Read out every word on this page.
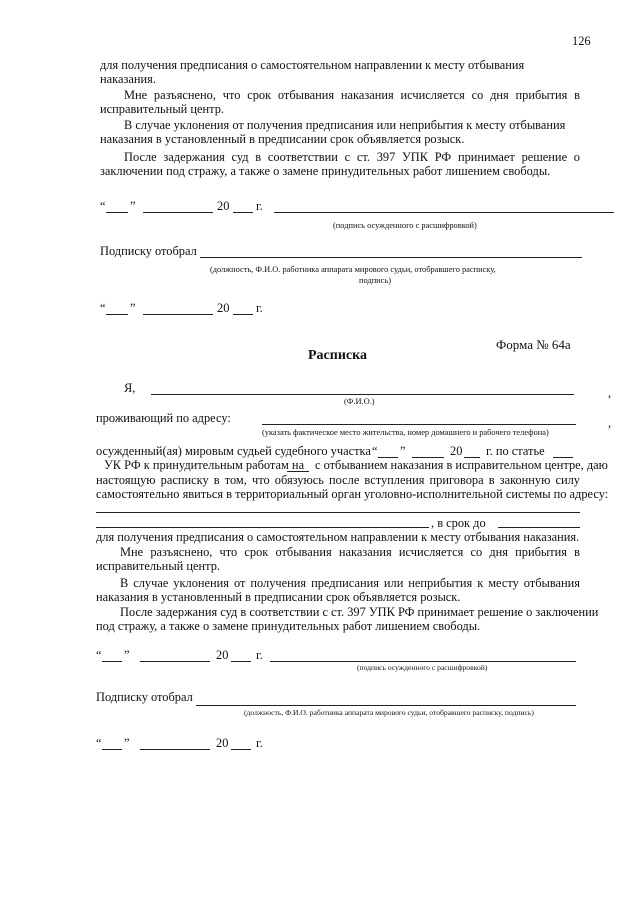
126
для получения предписания о самостоятельном направлении к месту отбывания
наказания.
Мне разъяснено, что срок отбывания наказания исчисляется со дня прибытия в
исправительный центр.
В случае уклонения от получения предписания или неприбытия к месту отбывания
наказания в установленный в предписании срок объявляется розыск.
После задержания суд в соответствии с ст. 397 УПК РФ принимает решение о
заключении под стражу, а также о замене принудительных работ лишением свободы.
“ ”	20 г.
(подпись осужденного с расшифровкой)
Подписку отобрал
(должность, Ф.И.О. работника аппарата мирового судьи, отобравшего расписку,
подпись)
“ ”	20 г.
Форма № 64а
Расписка
Я,	,
(Ф.И.О.)
проживающий по адресу:	,
(указать фактическое место жительства, номер домашнего и рабочего телефона)
осужденный(ая) мировым судьей судебного участка “ ”	20 г. по статье
УК РФ к принудительным работам на с отбыванием наказания в исправительном центре, даю
настоящую расписку в том, что обязуюсь после вступления приговора в законную силу
самостоятельно явиться в территориальный орган уголовно-исполнительной системы по адресу:
, в срок до
для получения предписания о самостоятельном направлении к месту отбывания наказания.
Мне разъяснено, что срок отбывания наказания исчисляется со дня прибытия в
исправительный центр.
В случае уклонения от получения предписания или неприбытия к месту отбывания
наказания в установленный в предписании срок объявляется розыск.
После задержания суд в соответствии с ст. 397 УПК РФ принимает решение о заключении
под стражу, а также о замене принудительных работ лишением свободы.
“ ”	20 г.
(подпись осужденного с расшифровкой)
Подписку отобрал
(должность, Ф.И.О. работника аппарата мирового судьи, отобравшего расписку, подпись)
“ ”	20 г.
